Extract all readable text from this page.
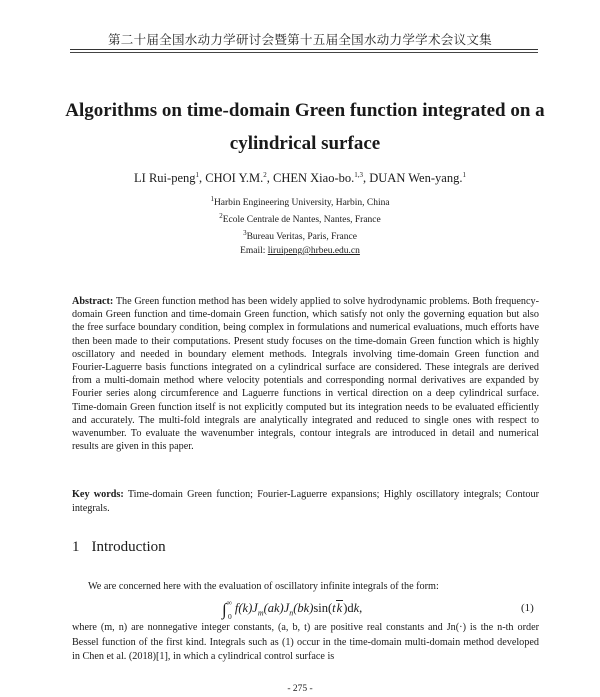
第二十届全国水动力学研讨会暨第十五届全国水动力学学术会议文集
Algorithms on time-domain Green function integrated on a cylindrical surface
LI Rui-peng$^1$, CHOI Y.M.$^2$, CHEN Xiao-bo.$^{1,3}$, DUAN Wen-yang.$^1$
$^1$Harbin Engineering University, Harbin, China
$^2$Ecole Centrale de Nantes, Nantes, France
$^3$Bureau Veritas, Paris, France
Email: liruipeng@hrbeu.edu.cn
Abstract: The Green function method has been widely applied to solve hydrodynamic problems. Both frequency-domain Green function and time-domain Green function, which satisfy not only the governing equation but also the free surface boundary condition, being complex in formulations and numerical evaluations, much efforts have then been made to their computations. Present study focuses on the time-domain Green function which is highly oscillatory and needed in boundary element methods. Integrals involving time-domain Green function and Fourier-Laguerre basis functions integrated on a cylindrical surface are considered. These integrals are derived from a multi-domain method where velocity potentials and corresponding normal derivatives are expanded by Fourier series along circumference and Laguerre functions in vertical direction on a deep cylindrical surface. Time-domain Green function itself is not explicitly computed but its integration needs to be evaluated efficiently and accurately. The multi-fold integrals are analytically integrated and reduced to single ones with respect to wavenumber. To evaluate the wavenumber integrals, contour integrals are introduced in detail and numerical results are given in this paper.
Key words: Time-domain Green function; Fourier-Laguerre expansions; Highly oscillatory integrals; Contour integrals.
1 Introduction
We are concerned here with the evaluation of oscillatory infinite integrals of the form:
$\int^\infty_0$ $f(k)J_m(ak)J_n(bk)\sin(tk)dk$,	(1)
where (m, n) are nonnegative integer constants, (a, b, t) are positive real constants and Jn(·) is the n-th order Bessel function of the first kind. Integrals such as (1) occur in the time-domain multi-domain method developed in Chen et al. (2018)[1], in which a cylindrical control surface is
- 275 -
